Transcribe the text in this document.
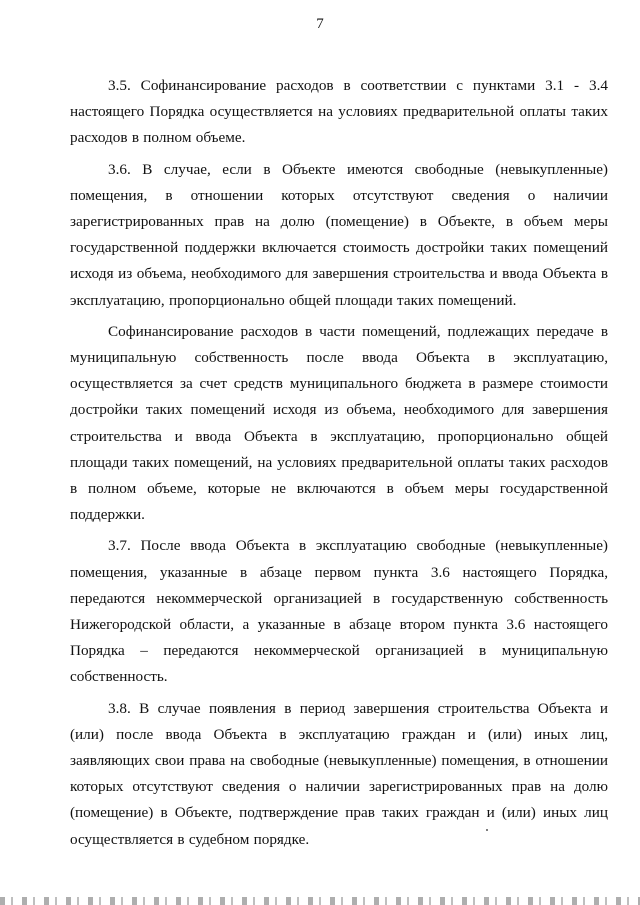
7

3.5. Софинансирование расходов в соответствии с пунктами 3.1 - 3.4 настоящего Порядка осуществляется на условиях предварительной оплаты таких расходов в полном объеме.

3.6. В случае, если в Объекте имеются свободные (невыкупленные) помещения, в отношении которых отсутствуют сведения о наличии зарегистрированных прав на долю (помещение) в Объекте, в объем меры государственной поддержки включается стоимость достройки таких помещений исходя из объема, необходимого для завершения строительства и ввода Объекта в эксплуатацию, пропорционально общей площади таких помещений.

Софинансирование расходов в части помещений, подлежащих передаче в муниципальную собственность после ввода Объекта в эксплуатацию, осуществляется за счет средств муниципального бюджета в размере стоимости достройки таких помещений исходя из объема, необходимого для завершения строительства и ввода Объекта в эксплуатацию, пропорционально общей площади таких помещений, на условиях предварительной оплаты таких расходов в полном объеме, которые не включаются в объем меры государственной поддержки.

3.7. После ввода Объекта в эксплуатацию свободные (невыкупленные) помещения, указанные в абзаце первом пункта 3.6 настоящего Порядка, передаются некоммерческой организацией в государственную собственность Нижегородской области, а указанные в абзаце втором пункта 3.6 настоящего Порядка – передаются некоммерческой организацией в муниципальную собственность.

3.8. В случае появления в период завершения строительства Объекта и (или) после ввода Объекта в эксплуатацию граждан и (или) иных лиц, заявляющих свои права на свободные (невыкупленные) помещения, в отношении которых отсутствуют сведения о наличии зарегистрированных прав на долю (помещение) в Объекте, подтверждение прав таких граждан и (или) иных лиц осуществляется в судебном порядке.
